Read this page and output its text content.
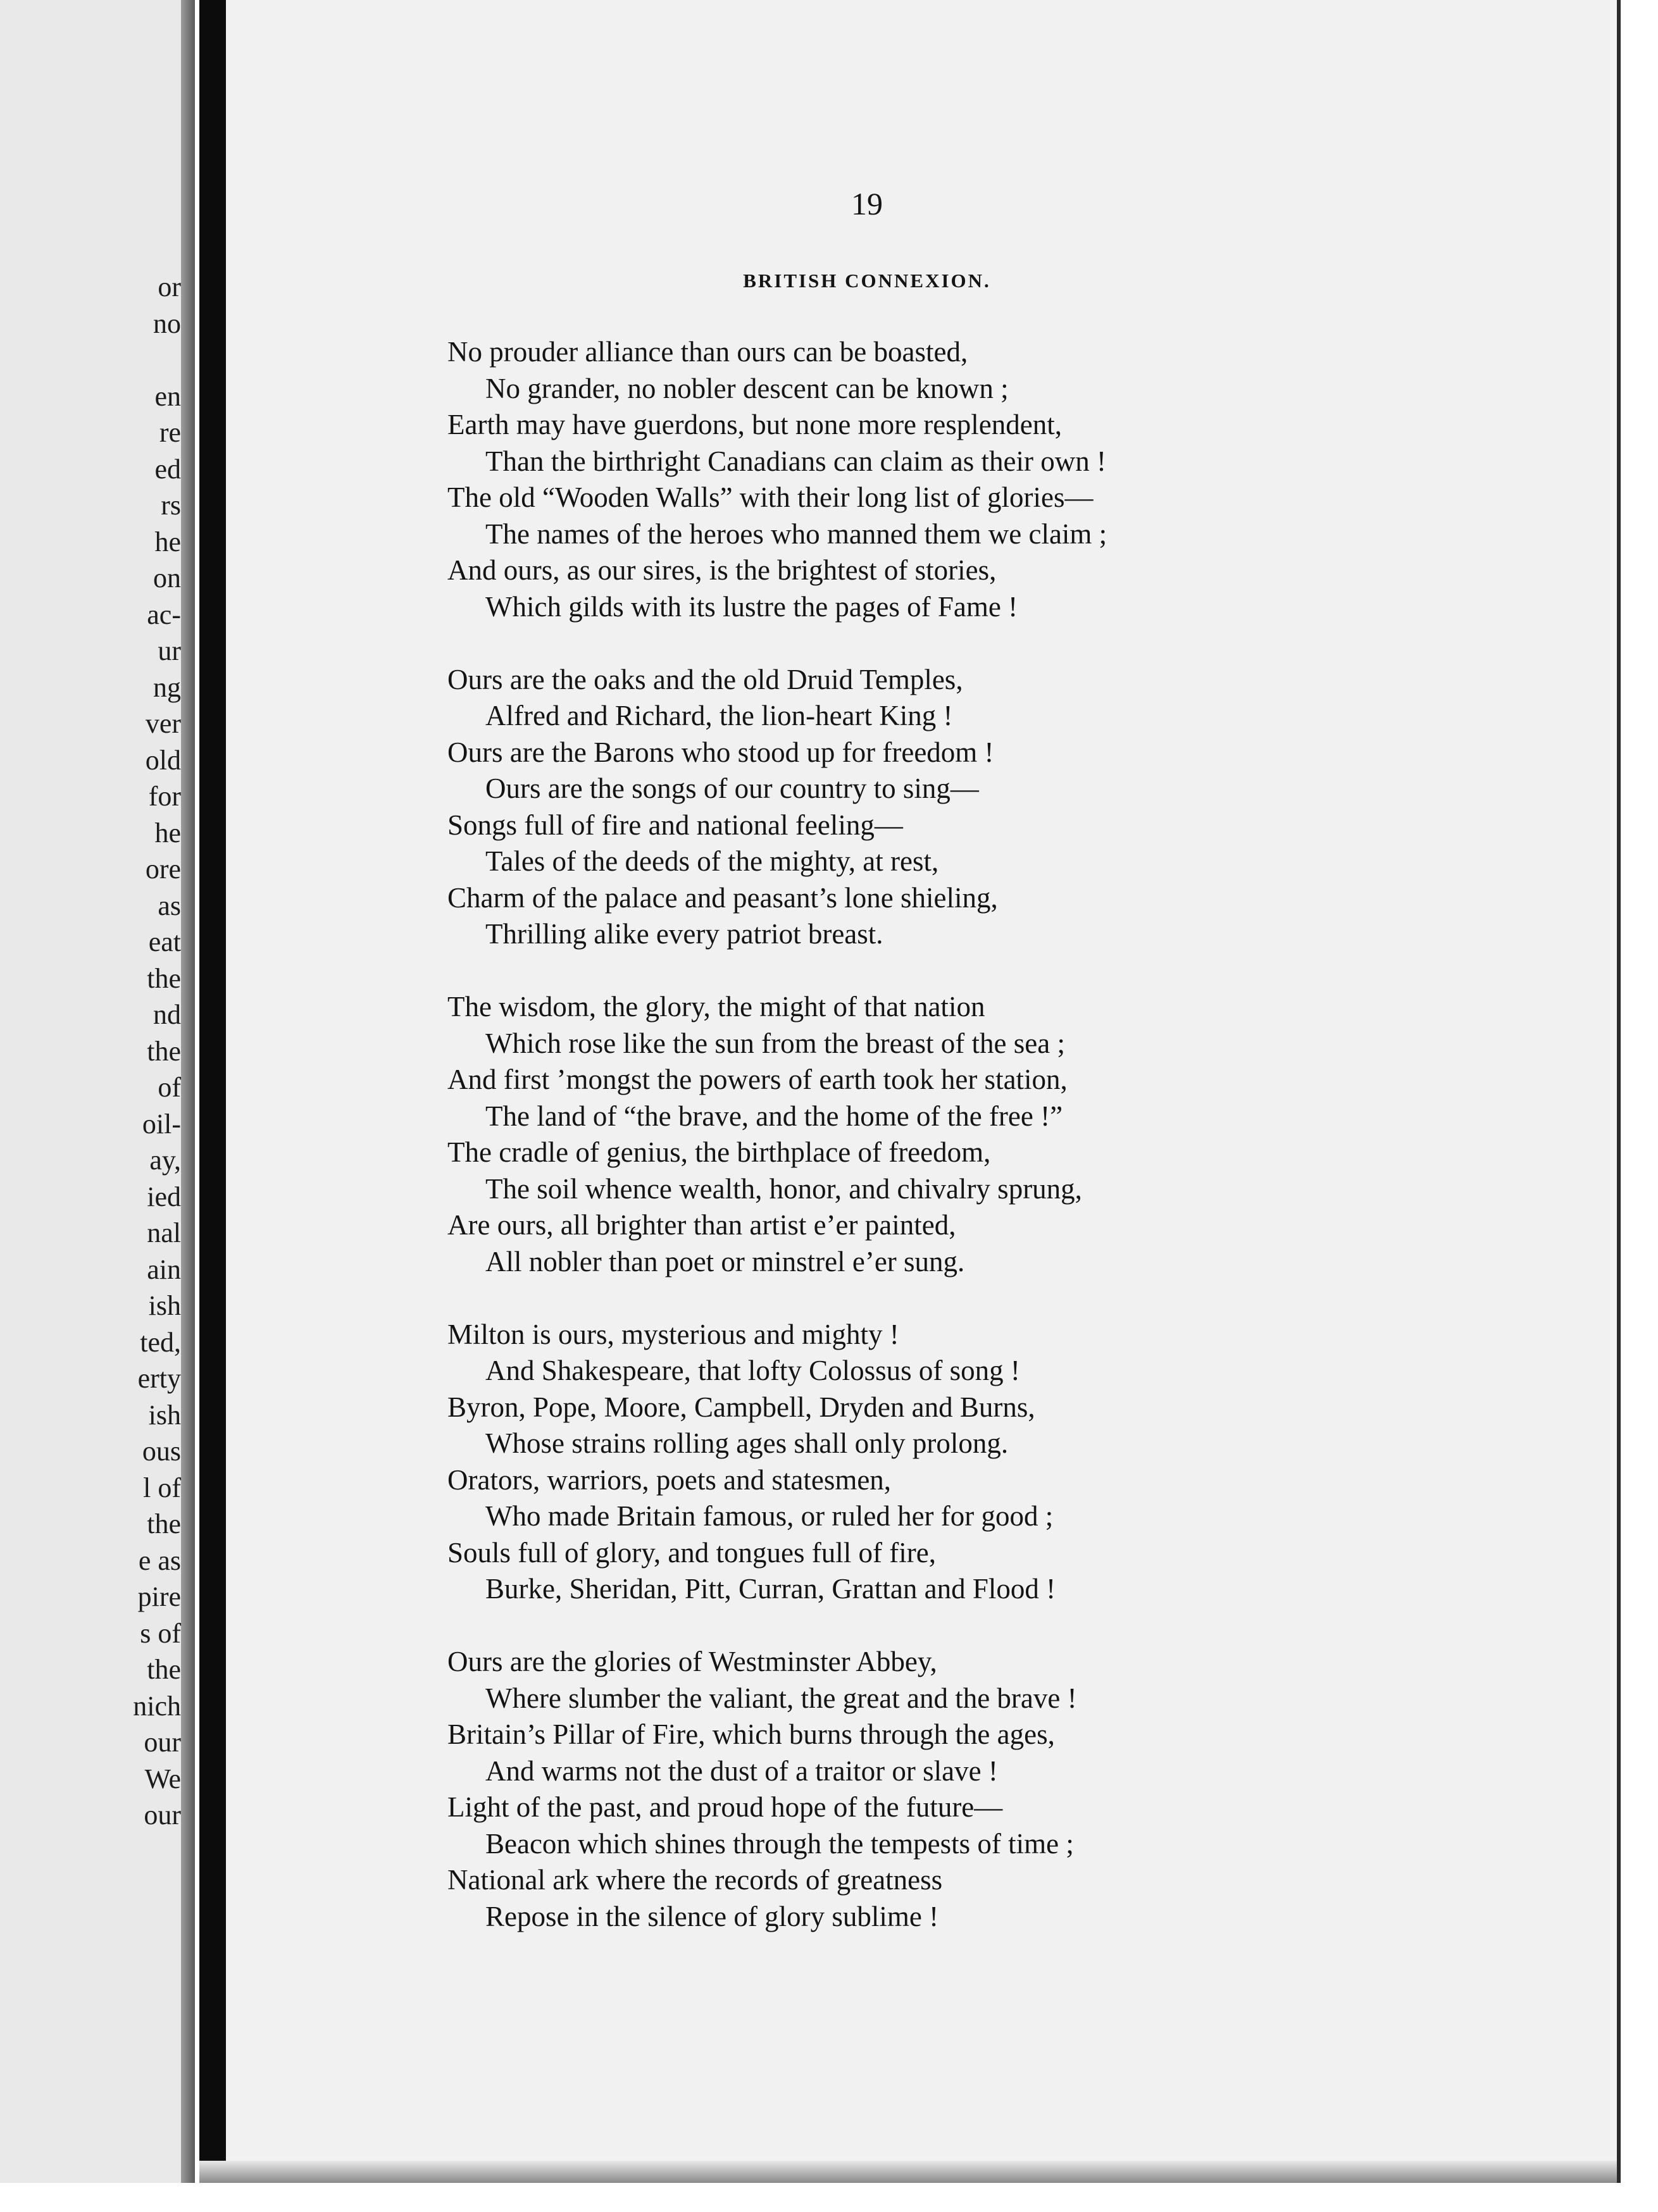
or
no

en
re
ed
rs
he
on
ac-
ur
ng
ver
old
for
he
ore
as
eat
the
nd
the
of
oil-
ay,
ied
nal
ain
ish
ted,
erty
ish
ous
l of
the
e as
pire
s of
the
nich
our
We
our
19
BRITISH CONNEXION.
No prouder alliance than ours can be boasted,
No grander, no nobler descent can be known ;
Earth may have guerdons, but none more resplendent,
Than the birthright Canadians can claim as their own !
The old “Wooden Walls” with their long list of glories—
The names of the heroes who manned them we claim ;
And ours, as our sires, is the brightest of stories,
Which gilds with its lustre the pages of Fame !
Ours are the oaks and the old Druid Temples,
Alfred and Richard, the lion-heart King !
Ours are the Barons who stood up for freedom !
Ours are the songs of our country to sing—
Songs full of fire and national feeling—
Tales of the deeds of the mighty, at rest,
Charm of the palace and peasant’s lone shieling,
Thrilling alike every patriot breast.
The wisdom, the glory, the might of that nation
Which rose like the sun from the breast of the sea ;
And first ’mongst the powers of earth took her station,
The land of “the brave, and the home of the free !”
The cradle of genius, the birthplace of freedom,
The soil whence wealth, honor, and chivalry sprung,
Are ours, all brighter than artist e’er painted,
All nobler than poet or minstrel e’er sung.
Milton is ours, mysterious and mighty !
And Shakespeare, that lofty Colossus of song !
Byron, Pope, Moore, Campbell, Dryden and Burns,
Whose strains rolling ages shall only prolong.
Orators, warriors, poets and statesmen,
Who made Britain famous, or ruled her for good ;
Souls full of glory, and tongues full of fire,
Burke, Sheridan, Pitt, Curran, Grattan and Flood !
Ours are the glories of Westminster Abbey,
Where slumber the valiant, the great and the brave !
Britain’s Pillar of Fire, which burns through the ages,
And warms not the dust of a traitor or slave !
Light of the past, and proud hope of the future—
Beacon which shines through the tempests of time ;
National ark where the records of greatness
Repose in the silence of glory sublime !
